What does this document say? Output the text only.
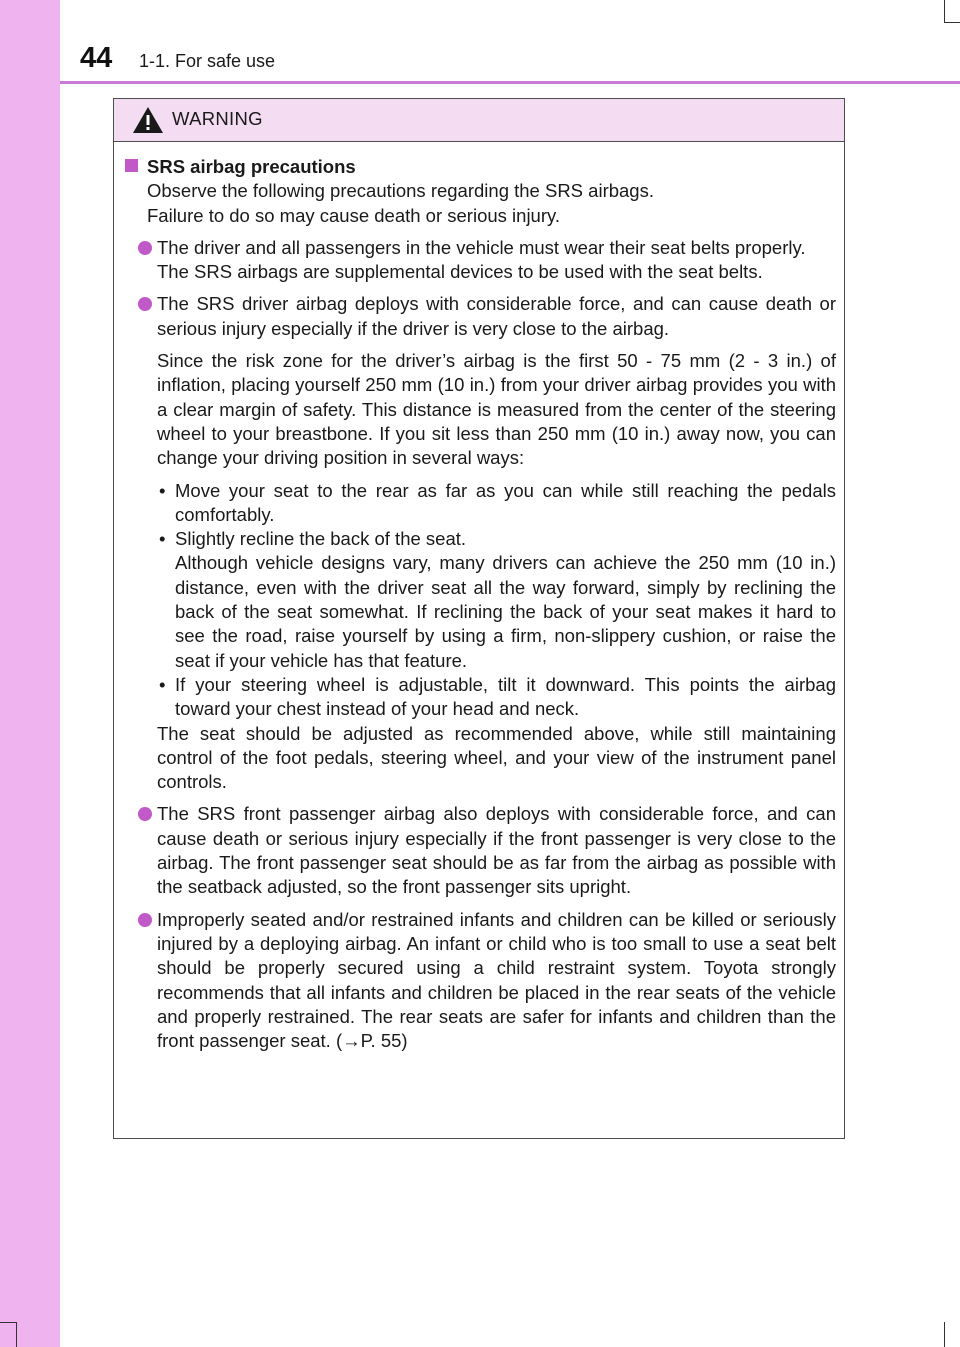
44 1-1. For safe use
WARNING
SRS airbag precautions

Observe the following precautions regarding the SRS airbags.
Failure to do so may cause death or serious injury.

The driver and all passengers in the vehicle must wear their seat belts properly.

The SRS airbags are supplemental devices to be used with the seat belts.

The SRS driver airbag deploys with considerable force, and can cause death or serious injury especially if the driver is very close to the airbag.

Since the risk zone for the driver’s airbag is the first 50 - 75 mm (2 - 3 in.) of inflation, placing yourself 250 mm (10 in.) from your driver airbag provides you with a clear margin of safety. This distance is measured from the center of the steering wheel to your breastbone. If you sit less than 250 mm (10 in.) away now, you can change your driving position in several ways:

• Move your seat to the rear as far as you can while still reaching the pedals comfortably.

• Slightly recline the back of the seat.

Although vehicle designs vary, many drivers can achieve the 250 mm (10 in.) distance, even with the driver seat all the way forward, simply by reclining the back of the seat somewhat. If reclining the back of your seat makes it hard to see the road, raise yourself by using a firm, non-slippery cushion, or raise the seat if your vehicle has that feature.

• If your steering wheel is adjustable, tilt it downward. This points the airbag toward your chest instead of your head and neck.

The seat should be adjusted as recommended above, while still maintaining control of the foot pedals, steering wheel, and your view of the instrument panel controls.

The SRS front passenger airbag also deploys with considerable force, and can cause death or serious injury especially if the front passenger is very close to the airbag. The front passenger seat should be as far from the airbag as possible with the seatback adjusted, so the front passenger sits upright.

Improperly seated and/or restrained infants and children can be killed or seriously injured by a deploying airbag. An infant or child who is too small to use a seat belt should be properly secured using a child restraint system. Toyota strongly recommends that all infants and children be placed in the rear seats of the vehicle and properly restrained. The rear seats are safer for infants and children than the front passenger seat. (→P. 55)
